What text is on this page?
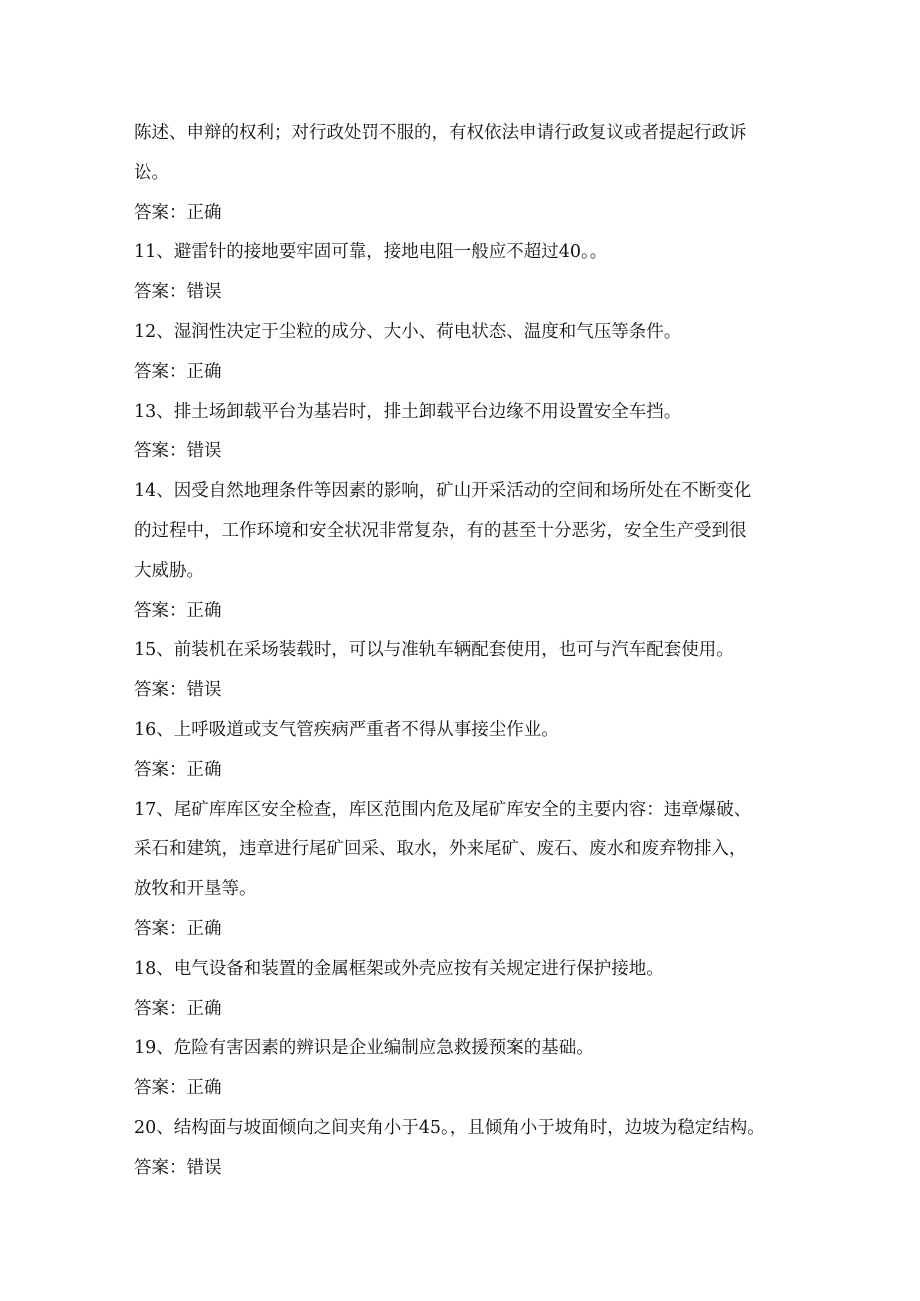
陈述、申辩的权利；对行政处罚不服的，有权依法申请行政复议或者提起行政诉
讼。

答案：正确

11、避雷针的接地要牢固可靠，接地电阻一般应不超过40。。

答案：错误

12、湿润性决定于尘粒的成分、大小、荷电状态、温度和气压等条件。

答案：正确

13、排土场卸载平台为基岩时，排土卸载平台边缘不用设置安全车挡。

答案：错误

14、因受自然地理条件等因素的影响，矿山开采活动的空间和场所处在不断变化
的过程中，工作环境和安全状况非常复杂，有的甚至十分恶劣，安全生产受到很
大威胁。

答案：正确

15、前装机在采场装载时，可以与准轨车辆配套使用，也可与汽车配套使用。

答案：错误

16、上呼吸道或支气管疾病严重者不得从事接尘作业。

答案：正确

17、尾矿库库区安全检查，库区范围内危及尾矿库安全的主要内容：违章爆破、
采石和建筑，违章进行尾矿回采、取水，外来尾矿、废石、废水和废弃物排入，
放牧和开垦等。

答案：正确

18、电气设备和装置的金属框架或外壳应按有关规定进行保护接地。

答案：正确

19、危险有害因素的辨识是企业编制应急救援预案的基础。

答案：正确

20、结构面与坡面倾向之间夹角小于45。，且倾角小于坡角时，边坡为稳定结构。

答案：错误
